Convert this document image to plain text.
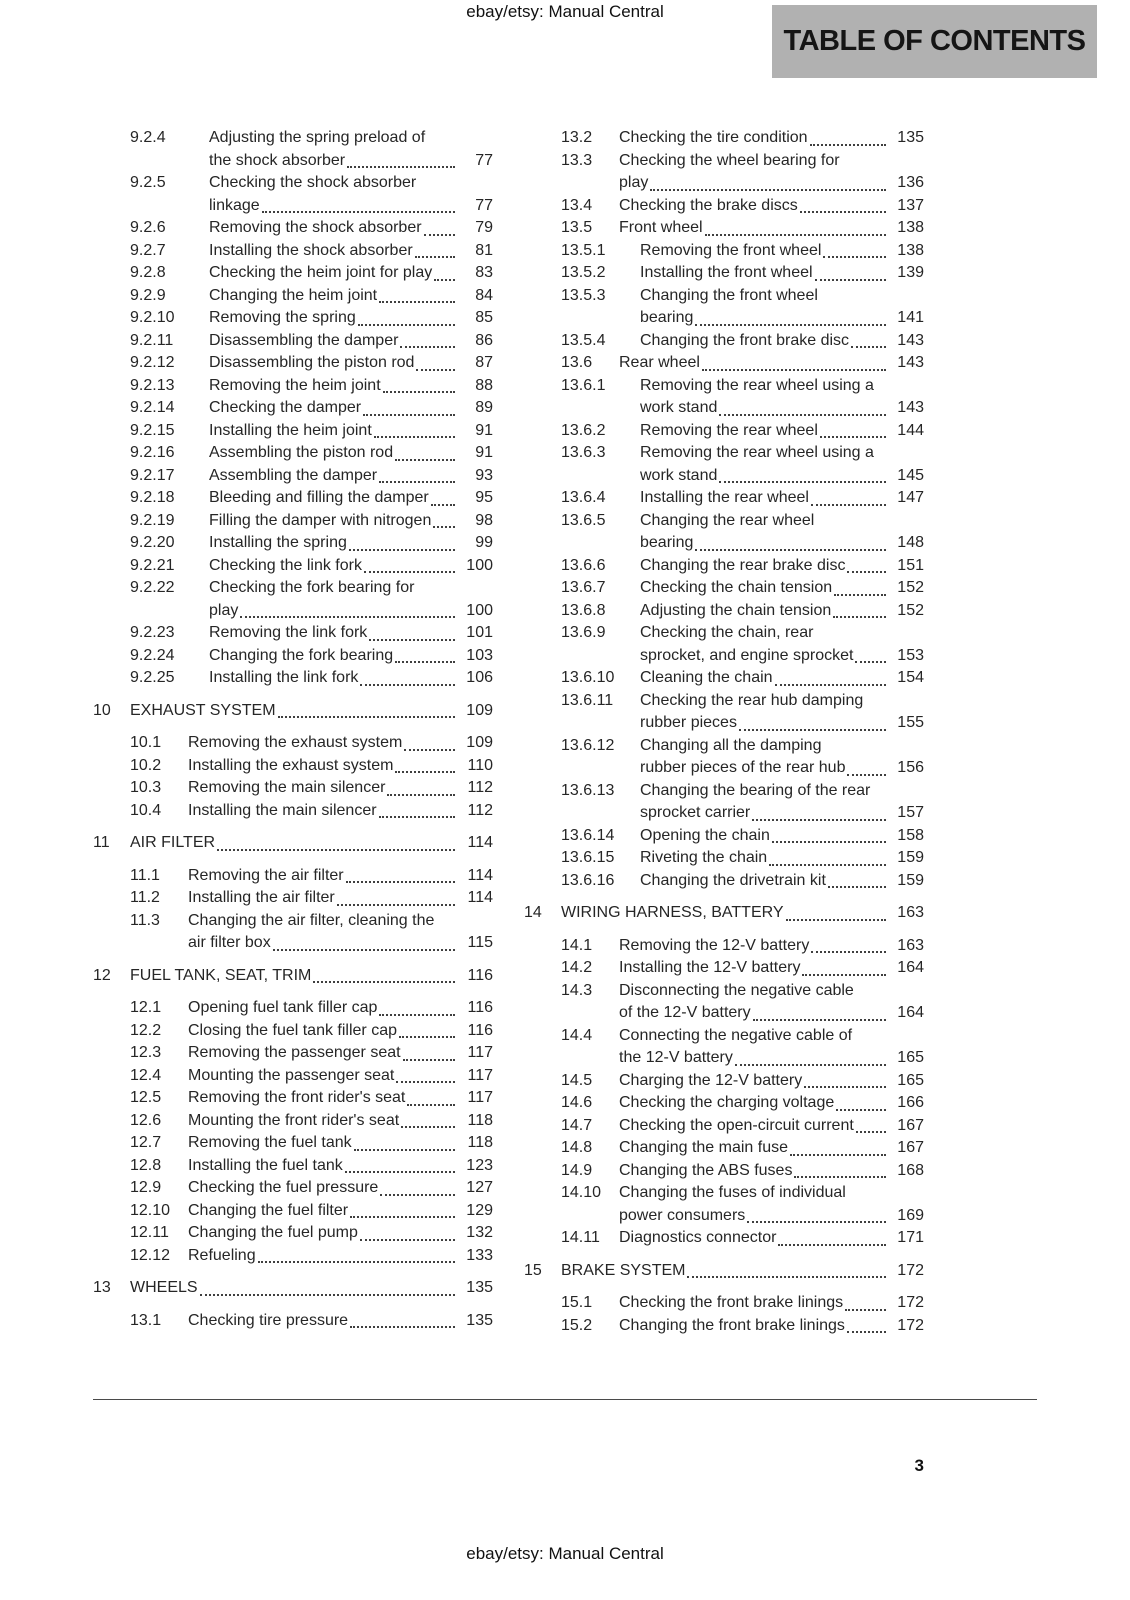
ebay/etsy: Manual Central
TABLE OF CONTENTS
9.2.4	Adjusting the spring preload of
the shock absorber	77
9.2.5	Checking the shock absorber
linkage	77
9.2.6	Removing the shock absorber	79
9.2.7	Installing the shock absorber	81
9.2.8	Checking the heim joint for play	83
9.2.9	Changing the heim joint	84
9.2.10	Removing the spring	85
9.2.11	Disassembling the damper	86
9.2.12	Disassembling the piston rod	87
9.2.13	Removing the heim joint	88
9.2.14	Checking the damper	89
9.2.15	Installing the heim joint	91
9.2.16	Assembling the piston rod	91
9.2.17	Assembling the damper	93
9.2.18	Bleeding and filling the damper	95
9.2.19	Filling the damper with nitrogen	98
9.2.20	Installing the spring	99
9.2.21	Checking the link fork	100
9.2.22	Checking the fork bearing for
play	100
9.2.23	Removing the link fork	101
9.2.24	Changing the fork bearing	103
9.2.25	Installing the link fork	106
10	EXHAUST SYSTEM	109
10.1	Removing the exhaust system	109
10.2	Installing the exhaust system	110
10.3	Removing the main silencer	112
10.4	Installing the main silencer	112
11	AIR FILTER	114
11.1	Removing the air filter	114
11.2	Installing the air filter	114
11.3	Changing the air filter, cleaning the
air filter box	115
12	FUEL TANK, SEAT, TRIM	116
12.1	Opening fuel tank filler cap	116
12.2	Closing the fuel tank filler cap	116
12.3	Removing the passenger seat	117
12.4	Mounting the passenger seat	117
12.5	Removing the front rider's seat	117
12.6	Mounting the front rider's seat	118
12.7	Removing the fuel tank	118
12.8	Installing the fuel tank	123
12.9	Checking the fuel pressure	127
12.10	Changing the fuel filter	129
12.11	Changing the fuel pump	132
12.12	Refueling	133
13	WHEELS	135
13.1	Checking tire pressure	135
13.2	Checking the tire condition	135
13.3	Checking the wheel bearing for
play	136
13.4	Checking the brake discs	137
13.5	Front wheel	138
13.5.1	Removing the front wheel	138
13.5.2	Installing the front wheel	139
13.5.3	Changing the front wheel
bearing	141
13.5.4	Changing the front brake disc	143
13.6	Rear wheel	143
13.6.1	Removing the rear wheel using a
work stand	143
13.6.2	Removing the rear wheel	144
13.6.3	Removing the rear wheel using a
work stand	145
13.6.4	Installing the rear wheel	147
13.6.5	Changing the rear wheel
bearing	148
13.6.6	Changing the rear brake disc	151
13.6.7	Checking the chain tension	152
13.6.8	Adjusting the chain tension	152
13.6.9	Checking the chain, rear
sprocket, and engine sprocket	153
13.6.10	Cleaning the chain	154
13.6.11	Checking the rear hub damping
rubber pieces	155
13.6.12	Changing all the damping
rubber pieces of the rear hub	156
13.6.13	Changing the bearing of the rear
sprocket carrier	157
13.6.14	Opening the chain	158
13.6.15	Riveting the chain	159
13.6.16	Changing the drivetrain kit	159
14	WIRING HARNESS, BATTERY	163
14.1	Removing the 12-V battery	163
14.2	Installing the 12-V battery	164
14.3	Disconnecting the negative cable
of the 12-V battery	164
14.4	Connecting the negative cable of
the 12-V battery	165
14.5	Charging the 12-V battery	165
14.6	Checking the charging voltage	166
14.7	Checking the open-circuit current	167
14.8	Changing the main fuse	167
14.9	Changing the ABS fuses	168
14.10	Changing the fuses of individual
power consumers	169
14.11	Diagnostics connector	171
15	BRAKE SYSTEM	172
15.1	Checking the front brake linings	172
15.2	Changing the front brake linings	172
3
ebay/etsy: Manual Central
